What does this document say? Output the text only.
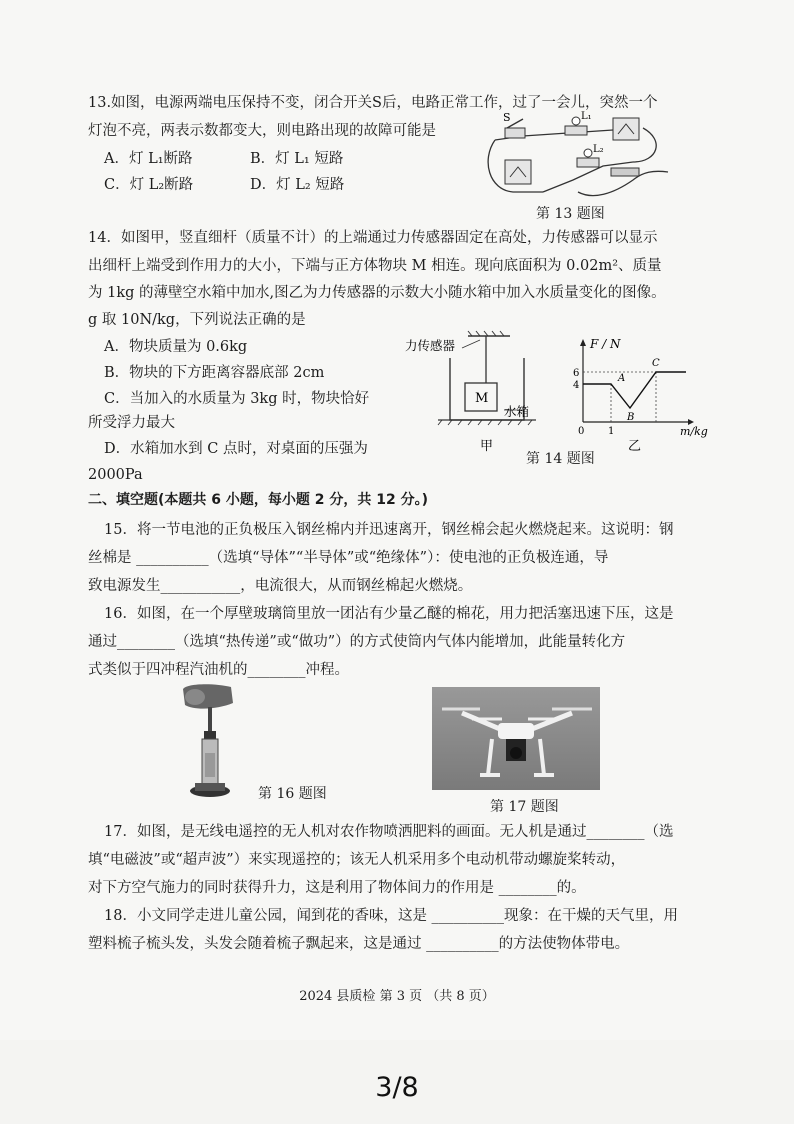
13.如图，电源两端电压保持不变，闭合开关S后，电路正常工作，过了一会儿，突然一个
灯泡不亮，两表示数都变大，则电路出现的故障可能是
A．灯 L₁断路	B．灯 L₁ 短路
C．灯 L₂断路	D．灯 L₂ 短路
S	L₁
L₂
第 13 题图
14．如图甲，竖直细杆（质量不计）的上端通过力传感器固定在高处，力传感器可以显示
出细杆上端受到作用力的大小，下端与正方体物块 M 相连。现向底面积为 0.02m²、质量
为 1kg 的薄壁空水箱中加水,图乙为力传感器的示数大小随水箱中加入水质量变化的图像。
g 取 10N/kg，下列说法正确的是
A．物块质量为 0.6kg
B．物块的下方距离容器底部 2cm
C．当加入的水质量为 3kg 时，物块恰好
所受浮力最大
D．水箱加水到 C 点时，对桌面的压强为
2000Pa
M
力传感器
水箱
甲
F / N
m/kg
6
4
0 1
A
B
C
乙
第 14 题图
二、填空题(本题共 6 小题，每小题 2 分，共 12 分。)
15．将一节电池的正负极压入钢丝棉内并迅速离开，钢丝棉会起火燃烧起来。这说明：钢
丝棉是 __________（选填“导体”“半导体”或“绝缘体”）：使电池的正负极连通，导
致电源发生___________，电流很大，从而钢丝棉起火燃烧。
16．如图，在一个厚壁玻璃筒里放一团沾有少量乙醚的棉花，用力把活塞迅速下压，这是
通过________（选填“热传递”或“做功”）的方式使筒内气体内能增加，此能量转化方
式类似于四冲程汽油机的________冲程。
第 16 题图
第 17 题图
17．如图，是无线电遥控的无人机对农作物喷洒肥料的画面。无人机是通过________（选
填“电磁波”或“超声波”）来实现遥控的；该无人机采用多个电动机带动螺旋桨转动，
对下方空气施力的同时获得升力，这是利用了物体间力的作用是 ________的。
18．小文同学走进儿童公园，闻到花的香味，这是 __________现象：在干燥的天气里，用
塑料梳子梳头发，头发会随着梳子飘起来，这是通过 __________的方法使物体带电。
2024 县质检 第 3 页 （共 8 页）
3/8
